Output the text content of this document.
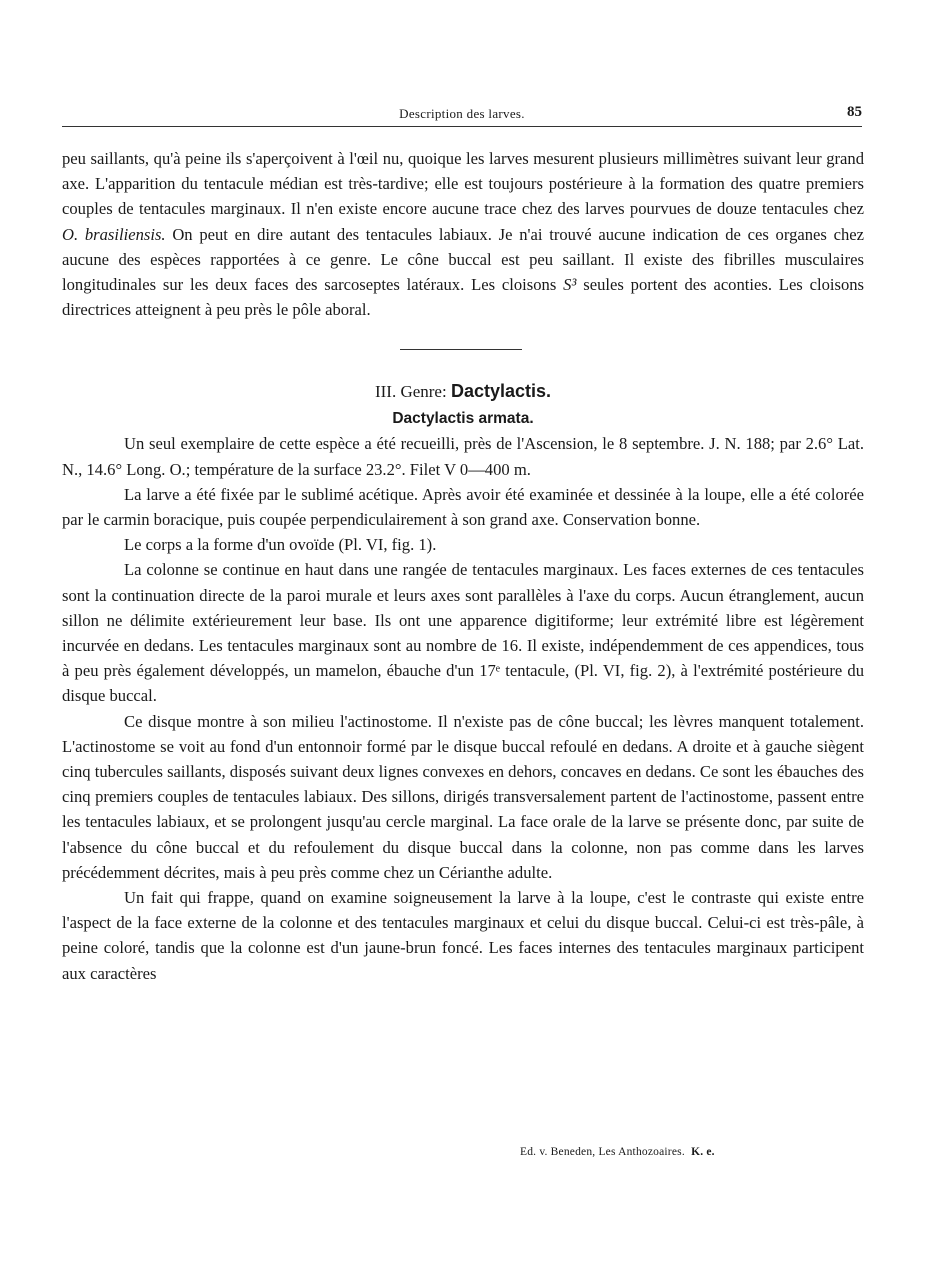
Description des larves.	85

peu saillants, qu'à peine ils s'aperçoivent à l'œil nu, quoique les larves mesurent plusieurs millimètres suivant leur grand axe. L'apparition du tentacule médian est très-tardive; elle est toujours postérieure à la formation des quatre premiers couples de tentacules marginaux. Il n'en existe encore aucune trace chez des larves pourvues de douze tentacules chez O. brasiliensis. On peut en dire autant des tentacules labiaux. Je n'ai trouvé aucune indication de ces organes chez aucune des espèces rapportées à ce genre. Le cône buccal est peu saillant. Il existe des fibrilles musculaires longitudinales sur les deux faces des sarcoseptes latéraux. Les cloisons S³ seules portent des aconties. Les cloisons directrices atteignent à peu près le pôle aboral.

III. Genre: Dactylactis.
Dactylactis armata.

Un seul exemplaire de cette espèce a été recueilli, près de l'Ascension, le 8 septembre. J. N. 188; par 2.6° Lat. N., 14.6° Long. O.; température de la surface 23.2°. Filet V 0—400 m.

La larve a été fixée par le sublimé acétique. Après avoir été examinée et dessinée à la loupe, elle a été colorée par le carmin boracique, puis coupée perpendiculairement à son grand axe. Conservation bonne.

Le corps a la forme d'un ovoïde (Pl. VI, fig. 1).

La colonne se continue en haut dans une rangée de tentacules marginaux. Les faces externes de ces tentacules sont la continuation directe de la paroi murale et leurs axes sont parallèles à l'axe du corps. Aucun étranglement, aucun sillon ne délimite extérieurement leur base. Ils ont une apparence digitiforme; leur extrémité libre est légèrement incurvée en dedans. Les tentacules marginaux sont au nombre de 16. Il existe, indépendemment de ces appendices, tous à peu près également développés, un mamelon, ébauche d'un 17ᵉ tentacule, (Pl. VI, fig. 2), à l'extrémité postérieure du disque buccal.

Ce disque montre à son milieu l'actinostome. Il n'existe pas de cône buccal; les lèvres manquent totalement. L'actinostome se voit au fond d'un entonnoir formé par le disque buccal refoulé en dedans. A droite et à gauche siègent cinq tubercules saillants, disposés suivant deux lignes convexes en dehors, concaves en dedans. Ce sont les ébauches des cinq premiers couples de tentacules labiaux. Des sillons, dirigés transversalement partent de l'actinostome, passent entre les tentacules labiaux, et se prolongent jusqu'au cercle marginal. La face orale de la larve se présente donc, par suite de l'absence du cône buccal et du refoulement du disque buccal dans la colonne, non pas comme dans les larves précédemment décrites, mais à peu près comme chez un Cérianthe adulte.

Un fait qui frappe, quand on examine soigneusement la larve à la loupe, c'est le contraste qui existe entre l'aspect de la face externe de la colonne et des tentacules marginaux et celui du disque buccal. Celui-ci est très-pâle, à peine coloré, tandis que la colonne est d'un jaune-brun foncé. Les faces internes des tentacules marginaux participent aux caractères

Ed. v. Beneden, Les Anthozoaires. K. e.
